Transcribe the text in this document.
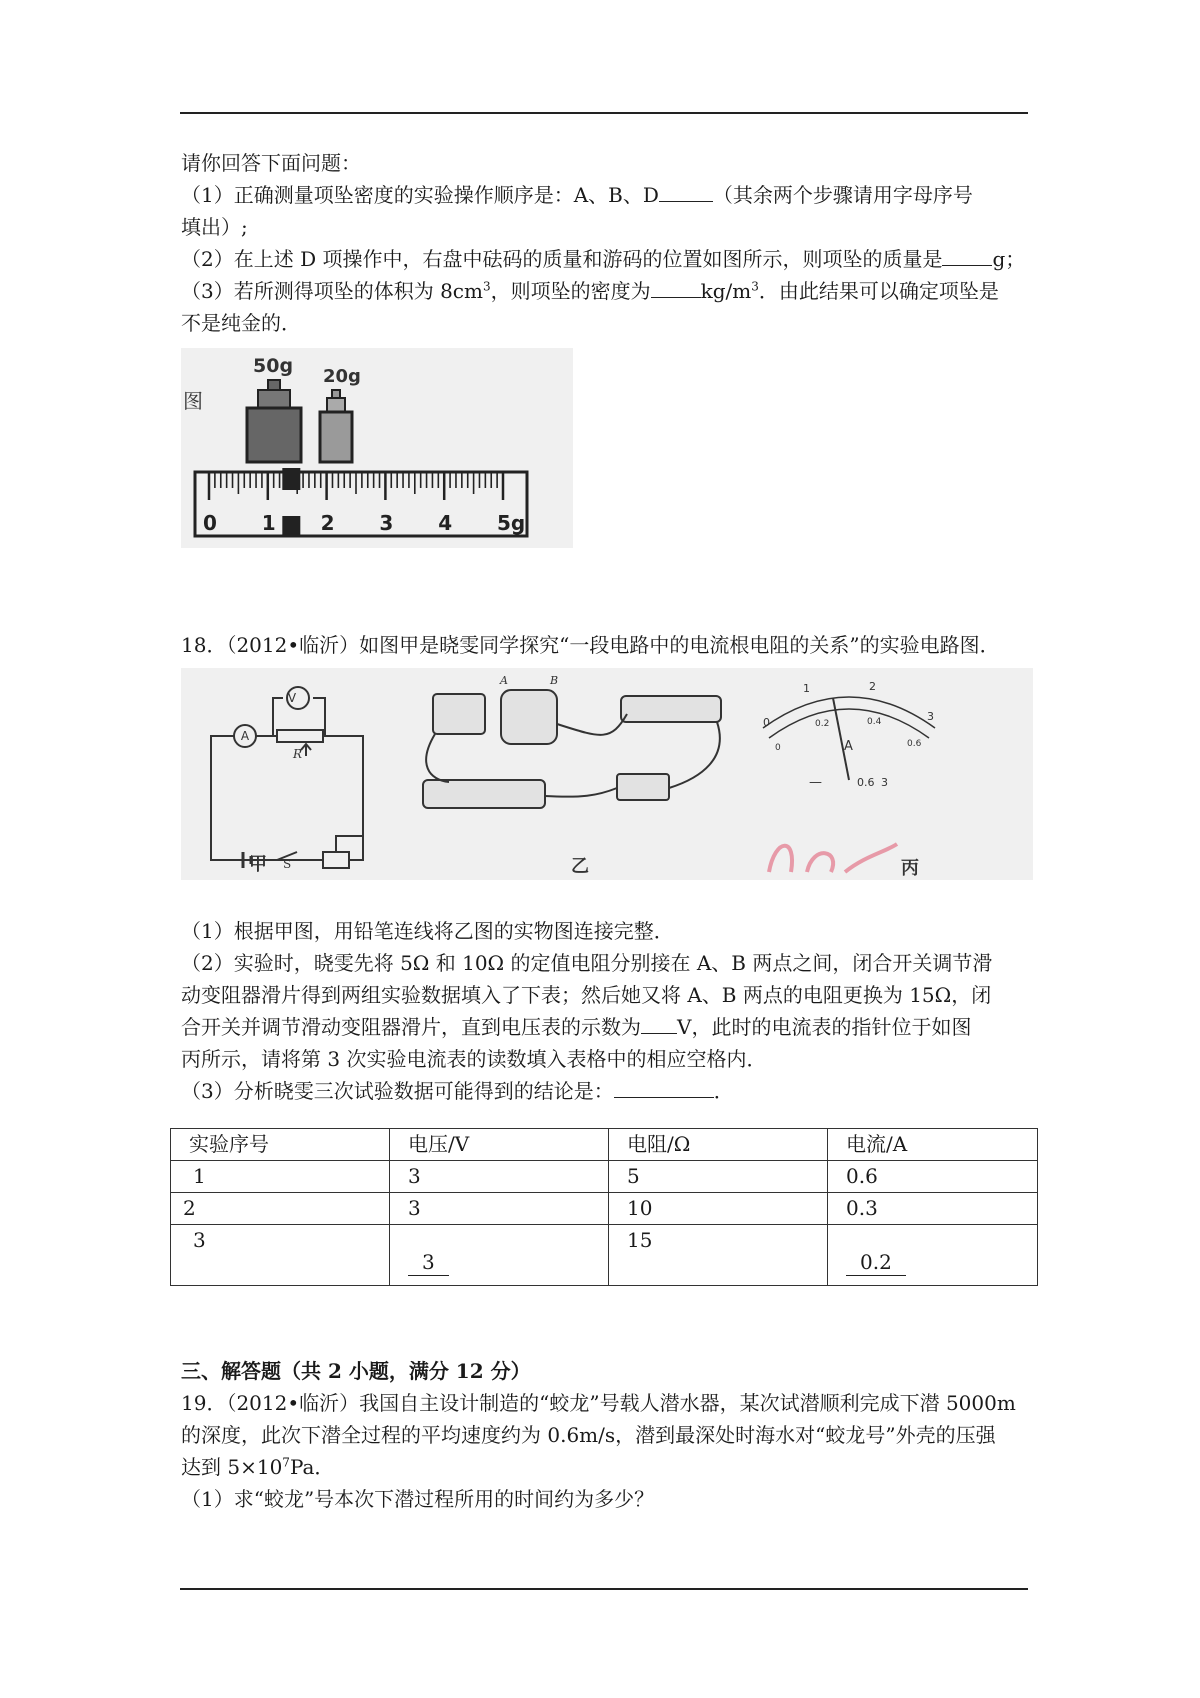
请你回答下面问题：
（1）正确测量项坠密度的实验操作顺序是：A、B、D	（其余两个步骤请用字母序号
填出）;
（2）在上述 D 项操作中，右盘中砝码的质量和游码的位置如图所示，则项坠的质量是	g；
（3）若所测得项坠的体积为 $8cm^3$，则项坠的密度为	$kg/m^3$．由此结果可以确定项坠是
不是纯金的．
图
50g 20g
0 1 2 3 4 5g
18．（2012•临沂）如图甲是晓雯同学探究“一段电路中的电流根电阻的关系”的实验电路图．
V
A
R
S
A	B
0
1	2
3
0
0.2	0.4
0.6
A
—	0.6 3
甲	乙	丙
（1）根据甲图，用铅笔连线将乙图的实物图连接完整．
（2）实验时，晓雯先将 5Ω 和 10Ω 的定值电阻分别接在 A、B 两点之间，闭合开关调节滑
动变阻器滑片得到两组实验数据填入了下表；然后她又将 A、B 两点的电阻更换为 15Ω，闭
合开关并调节滑动变阻器滑片，直到电压表的示数为 V，此时的电流表的指针位于如图
丙所示，请将第 3 次实验电流表的读数填入表格中的相应空格内．
（3）分析晓雯三次试验数据可能得到的结论是：	．
实验序号	电压/V	电阻/Ω	电流/A
1	3	5	0.6
2	3	10	0.3
3	3	15	0.2
三、解答题（共 2 小题，满分 12 分）
19．（2012•临沂）我国自主设计制造的“蛟龙”号载人潜水器，某次试潜顺利完成下潜 5000m
的深度，此次下潜全过程的平均速度约为 0.6m/s，潜到最深处时海水对“蛟龙号”外壳的压强
达到 $5\times 10^7Pa$．
（1）求“蛟龙”号本次下潜过程所用的时间约为多少？
